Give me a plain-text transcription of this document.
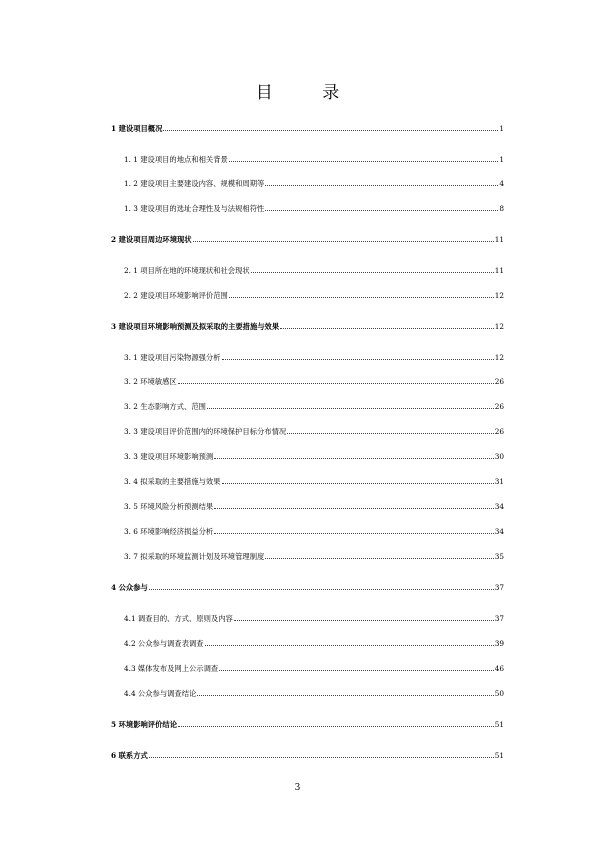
目 录
1 建设项目概况	1
1. 1 建设项目的地点和相关背景	1
1. 2 建设项目主要建设内容、规模和周期等	4
1. 3 建设项目的选址合理性及与法规相符性	8
2 建设项目周边环境现状	11
2. 1 项目所在地的环境现状和社会现状	11
2. 2 建设项目环境影响评价范围	12
3 建设项目环境影响预测及拟采取的主要措施与效果	12
3. 1 建设项目污染物源强分析	12
3. 2 环境敏感区	26
3. 2 生态影响方式、范围	26
3. 3 建设项目评价范围内的环境保护目标分布情况	26
3. 3 建设项目环境影响预测	30
3. 4 拟采取的主要措施与效果	31
3. 5 环境风险分析预测结果	34
3. 6 环境影响经济损益分析	34
3. 7 拟采取的环境监测计划及环境管理制度	35
4 公众参与	37
4.1 调查目的、方式、原则及内容	37
4.2 公众参与调查表调查	39
4.3 媒体发布及网上公示调查	46
4.4 公众参与调查结论	50
5 环境影响评价结论	51
6 联系方式	51
3
